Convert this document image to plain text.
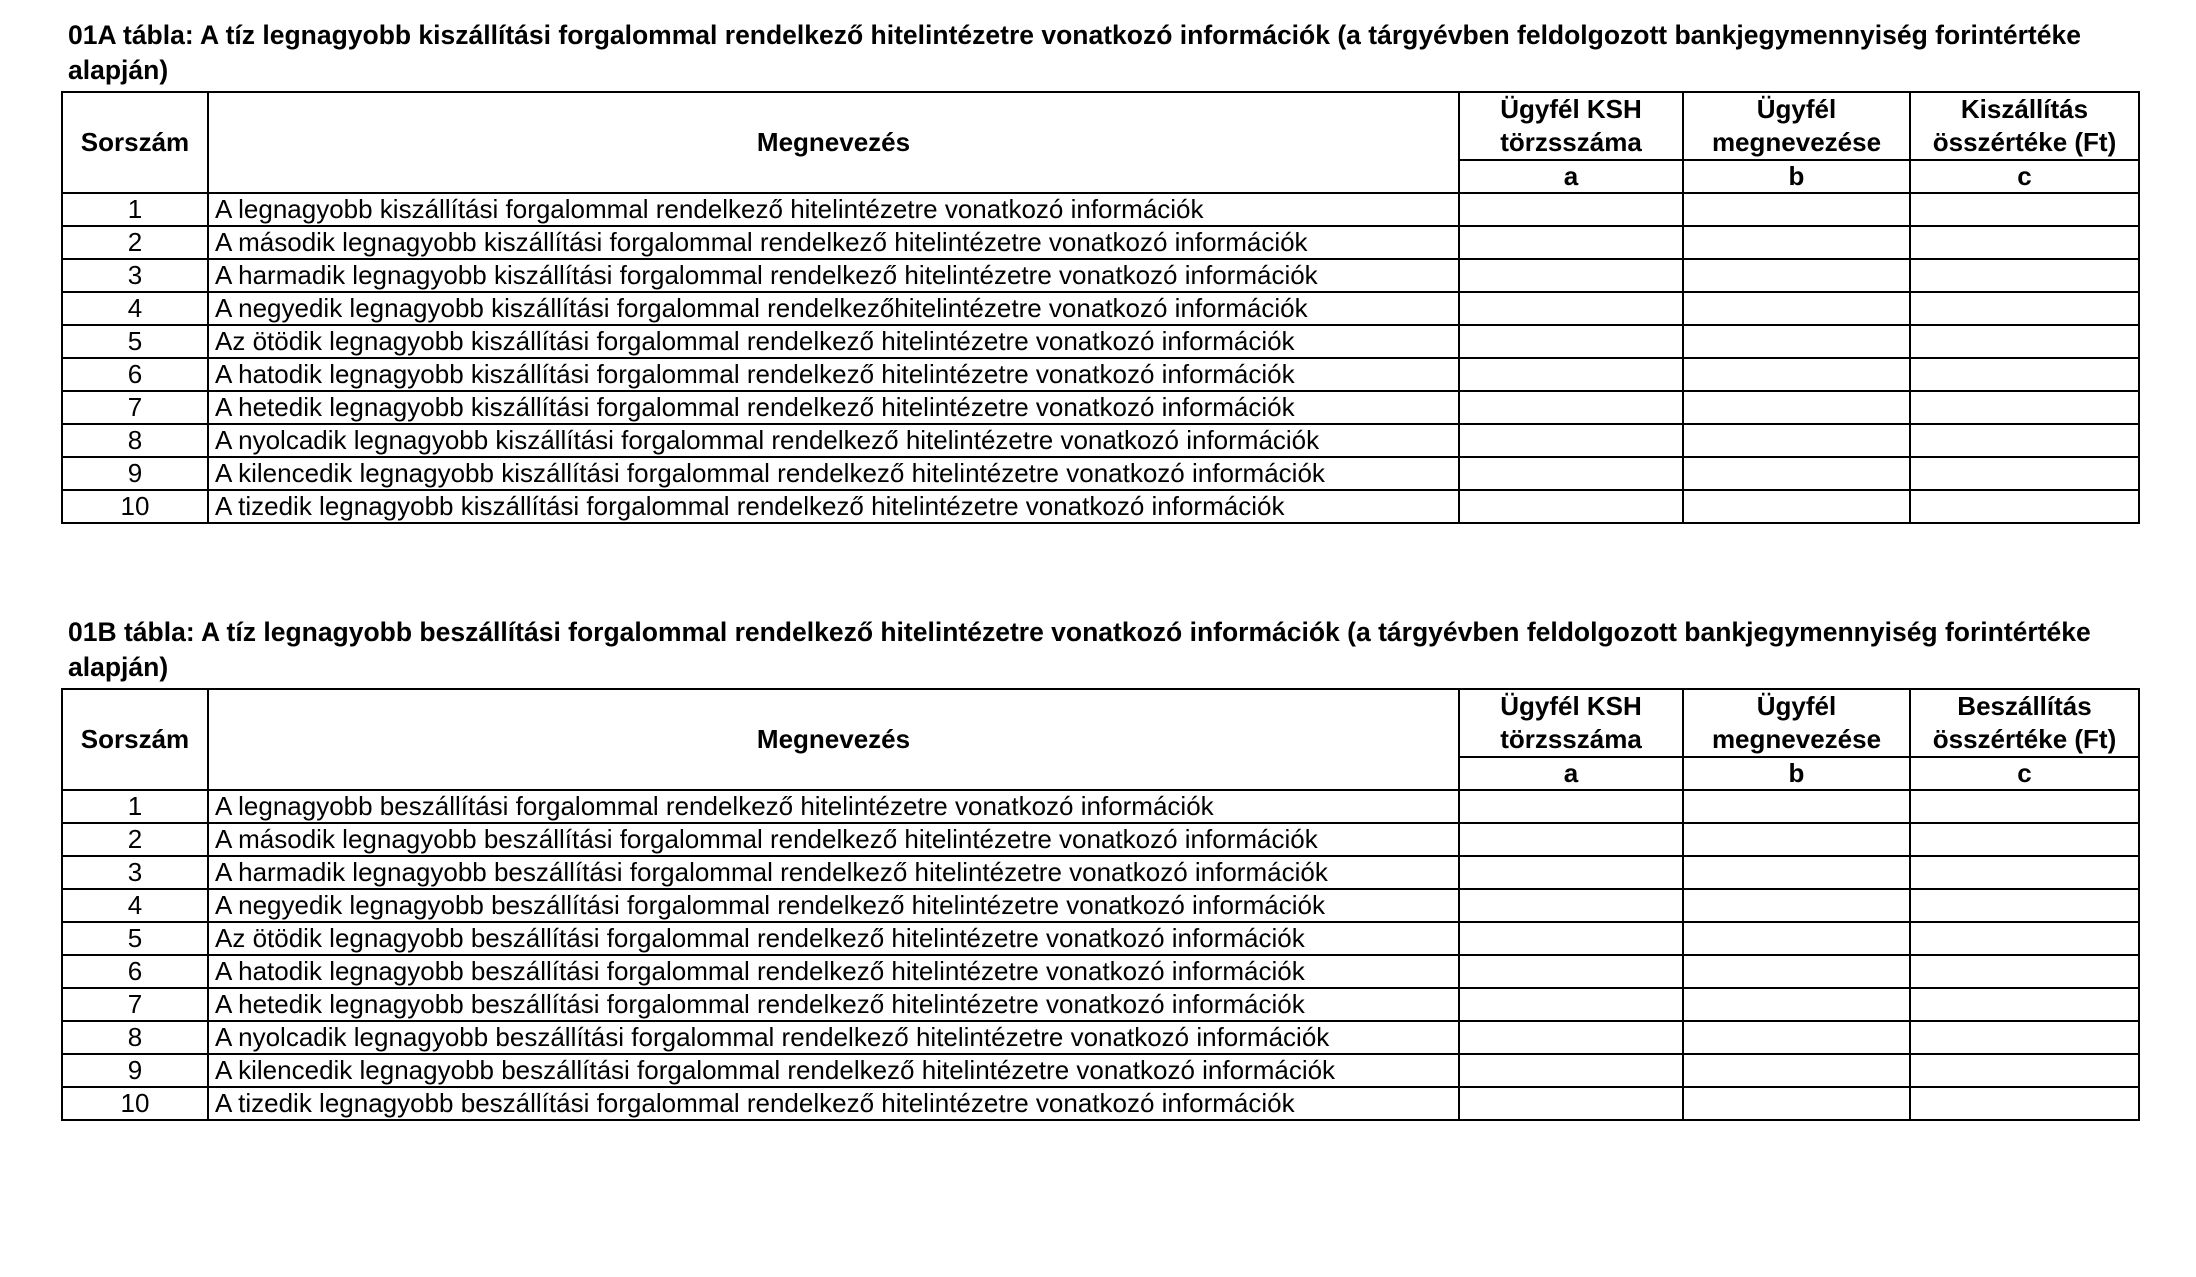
01A tábla: A tíz legnagyobb kiszállítási forgalommal rendelkező hitelintézetre vonatkozó információk (a tárgyévben feldolgozott bankjegymennyiség forintértéke alapján)

Sorszám	Megnevezés	Ügyfél KSH törzsszáma	Ügyfél megnevezése	Kiszállítás összértéke (Ft)
		a	b	c
1	A legnagyobb kiszállítási forgalommal rendelkező hitelintézetre vonatkozó információk			
2	A második legnagyobb kiszállítási forgalommal rendelkező hitelintézetre vonatkozó információk			
3	A harmadik legnagyobb kiszállítási forgalommal rendelkező hitelintézetre vonatkozó információk			
4	A negyedik legnagyobb kiszállítási forgalommal rendelkezőhitelintézetre vonatkozó információk			
5	Az ötödik legnagyobb kiszállítási forgalommal rendelkező hitelintézetre vonatkozó információk			
6	A hatodik legnagyobb kiszállítási forgalommal rendelkező hitelintézetre vonatkozó információk			
7	A hetedik legnagyobb kiszállítási forgalommal rendelkező hitelintézetre vonatkozó információk			
8	A nyolcadik legnagyobb kiszállítási forgalommal rendelkező hitelintézetre vonatkozó információk			
9	A kilencedik legnagyobb kiszállítási forgalommal rendelkező hitelintézetre vonatkozó információk			
10	A tizedik legnagyobb kiszállítási forgalommal rendelkező hitelintézetre vonatkozó információk			

01B tábla: A tíz legnagyobb beszállítási forgalommal rendelkező hitelintézetre vonatkozó információk (a tárgyévben feldolgozott bankjegymennyiség forintértéke alapján)

Sorszám	Megnevezés	Ügyfél KSH törzsszáma	Ügyfél megnevezése	Beszállítás összértéke (Ft)
		a	b	c
1	A legnagyobb beszállítási forgalommal rendelkező hitelintézetre vonatkozó információk			
2	A második legnagyobb beszállítási forgalommal rendelkező hitelintézetre vonatkozó információk			
3	A harmadik legnagyobb beszállítási forgalommal rendelkező hitelintézetre vonatkozó információk			
4	A negyedik legnagyobb beszállítási forgalommal rendelkező hitelintézetre vonatkozó információk			
5	Az ötödik legnagyobb beszállítási forgalommal rendelkező hitelintézetre vonatkozó információk			
6	A hatodik legnagyobb beszállítási forgalommal rendelkező hitelintézetre vonatkozó információk			
7	A hetedik legnagyobb beszállítási forgalommal rendelkező hitelintézetre vonatkozó információk			
8	A nyolcadik legnagyobb beszállítási forgalommal rendelkező hitelintézetre vonatkozó információk			
9	A kilencedik legnagyobb beszállítási forgalommal rendelkező hitelintézetre vonatkozó információk			
10	A tizedik legnagyobb beszállítási forgalommal rendelkező hitelintézetre vonatkozó információk			
